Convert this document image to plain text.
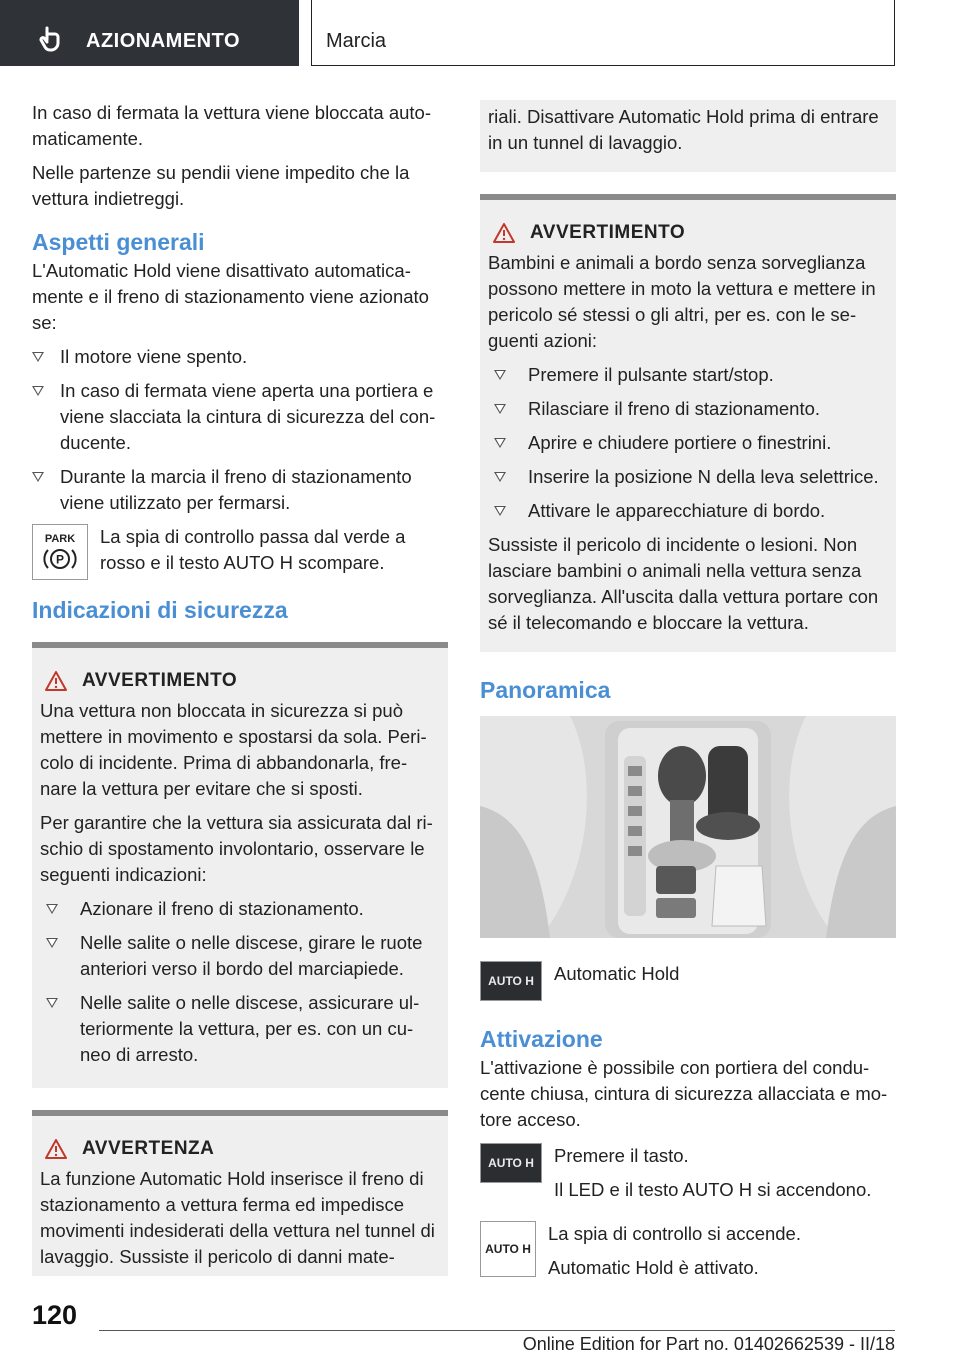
AZIONAMENTO	Marcia

In caso di fermata la vettura viene bloccata auto-maticamente.

Nelle partenze su pendii viene impedito che la vettura indietreggi.

Aspetti generali

L'Automatic Hold viene disattivato automatica-mente e il freno di stazionamento viene azionato se:

Il motore viene spento.
In caso di fermata viene aperta una portiera e viene slacciata la cintura di sicurezza del con-ducente.
Durante la marcia il freno di stazionamento viene utilizzato per fermarsi.
PARK
P
La spia di controllo passa dal verde a rosso e il testo AUTO H scompare.
Indicazioni di sicurezza
AVVERTIMENTO

Una vettura non bloccata in sicurezza si può mettere in movimento e spostarsi da sola. Peri-colo di incidente. Prima di abbandonarla, fre-nare la vettura per evitare che si sposti.

Per garantire che la vettura sia assicurata dal ri-schio di spostamento involontario, osservare le seguenti indicazioni:

Azionare il freno di stazionamento.
Nelle salite o nelle discese, girare le ruote anteriori verso il bordo del marciapiede.
Nelle salite o nelle discese, assicurare ul-teriormente la vettura, per es. con un cu-neo di arresto.
AVVERTENZA

La funzione Automatic Hold inserisce il freno di stazionamento a vettura ferma ed impedisce movimenti indesiderati della vettura nel tunnel di lavaggio. Sussiste il pericolo di danni mate-

riali. Disattivare Automatic Hold prima di entrare in un tunnel di lavaggio.

AVVERTIMENTO

Bambini e animali a bordo senza sorveglianza possono mettere in moto la vettura e mettere in pericolo sé stessi o gli altri, per es. con le se-guenti azioni:

Premere il pulsante start/stop.
Rilasciare il freno di stazionamento.
Aprire e chiudere portiere o finestrini.
Inserire la posizione N della leva selettrice.
Attivare le apparecchiature di bordo.

Sussiste il pericolo di incidente o lesioni. Non lasciare bambini o animali nella vettura senza sorveglianza. All'uscita dalla vettura portare con sé il telecomando e bloccare la vettura.

Panoramica
AUTO H	Automatic Hold
Attivazione

L'attivazione è possibile con portiera del condu-cente chiusa, cintura di sicurezza allacciata e mo-tore acceso.

AUTO H	Premere il tasto.

Il LED e il testo AUTO H si accendono.

AUTO H

La spia di controllo si accende.

Automatic Hold è attivato.

120
Online Edition for Part no. 01402662539 - II/18
